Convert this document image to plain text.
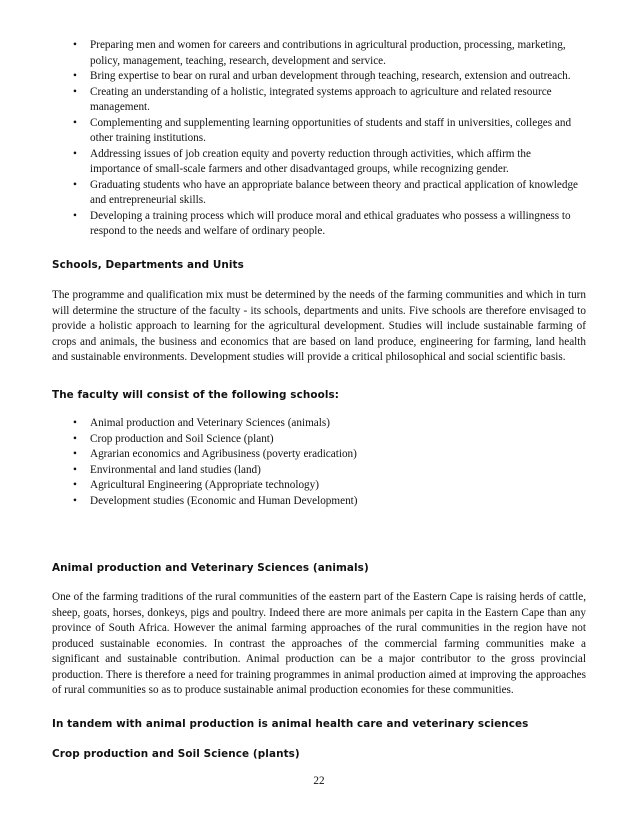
• Preparing men and women for careers and contributions in agricultural production, processing, marketing, policy, management, teaching, research, development and service.
• Bring expertise to bear on rural and urban development through teaching, research, extension and outreach.
• Creating an understanding of a holistic, integrated systems approach to agriculture and related resource management.
• Complementing and supplementing learning opportunities of students and staff in universities, colleges and other training institutions.
• Addressing issues of job creation equity and poverty reduction through activities, which affirm the importance of small-scale farmers and other disadvantaged groups, while recognizing gender.
• Graduating students who have an appropriate balance between theory and practical application of knowledge and entrepreneurial skills.
• Developing a training process which will produce moral and ethical graduates who possess a willingness to respond to the needs and welfare of ordinary people.
Schools, Departments and Units

The programme and qualification mix must be determined by the needs of the farming communities and which in turn will determine the structure of the faculty - its schools, departments and units. Five schools are therefore envisaged to provide a holistic approach to learning for the agricultural development. Studies will include sustainable farming of crops and animals, the business and economics that are based on land produce, engineering for farming, land health and sustainable environments. Development studies will provide a critical philosophical and social scientific basis.

The faculty will consist of the following schools:
• Animal production and Veterinary Sciences (animals)
• Crop production and Soil Science (plant)
• Agrarian economics and Agribusiness (poverty eradication)
• Environmental and land studies (land)
• Agricultural Engineering (Appropriate technology)
• Development studies (Economic and Human Development)
Animal production and Veterinary Sciences (animals)

One of the farming traditions of the rural communities of the eastern part of the Eastern Cape is raising herds of cattle, sheep, goats, horses, donkeys, pigs and poultry. Indeed there are more animals per capita in the Eastern Cape than any province of South Africa. However the animal farming approaches of the rural communities in the region have not produced sustainable economies. In contrast the approaches of the commercial farming communities make a significant and sustainable contribution. Animal production can be a major contributor to the gross provincial production. There is therefore a need for training programmes in animal production aimed at improving the approaches of rural communities so as to produce sustainable animal production economies for these communities.

In tandem with animal production is animal health care and veterinary sciences
Crop production and Soil Science (plants)
22
